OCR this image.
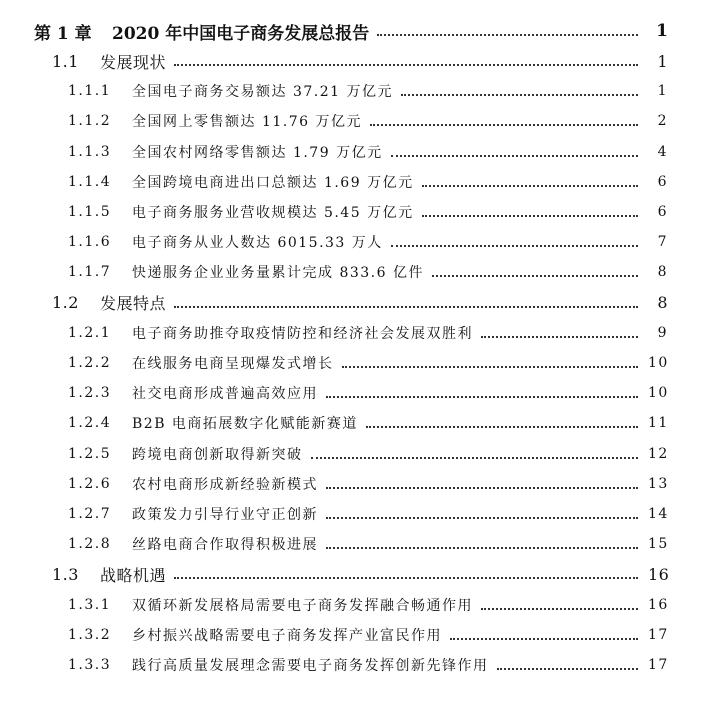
第 1 章	2020 年中国电子商务发展总报告	1
1.1	发展现状	1
1.1.1	全国电子商务交易额达 37.21 万亿元	1
1.1.2	全国网上零售额达 11.76 万亿元	2
1.1.3	全国农村网络零售额达 1.79 万亿元	4
1.1.4	全国跨境电商进出口总额达 1.69 万亿元	6
1.1.5	电子商务服务业营收规模达 5.45 万亿元	6
1.1.6	电子商务从业人数达 6015.33 万人	7
1.1.7	快递服务企业业务量累计完成 833.6 亿件	8
1.2	发展特点	8
1.2.1	电子商务助推夺取疫情防控和经济社会发展双胜利	9
1.2.2	在线服务电商呈现爆发式增长	10
1.2.3	社交电商形成普遍高效应用	10
1.2.4	B2B 电商拓展数字化赋能新赛道	11
1.2.5	跨境电商创新取得新突破	12
1.2.6	农村电商形成新经验新模式	13
1.2.7	政策发力引导行业守正创新	14
1.2.8	丝路电商合作取得积极进展	15
1.3	战略机遇	16
1.3.1	双循环新发展格局需要电子商务发挥融合畅通作用	16
1.3.2	乡村振兴战略需要电子商务发挥产业富民作用	17
1.3.3	践行高质量发展理念需要电子商务发挥创新先锋作用	17
